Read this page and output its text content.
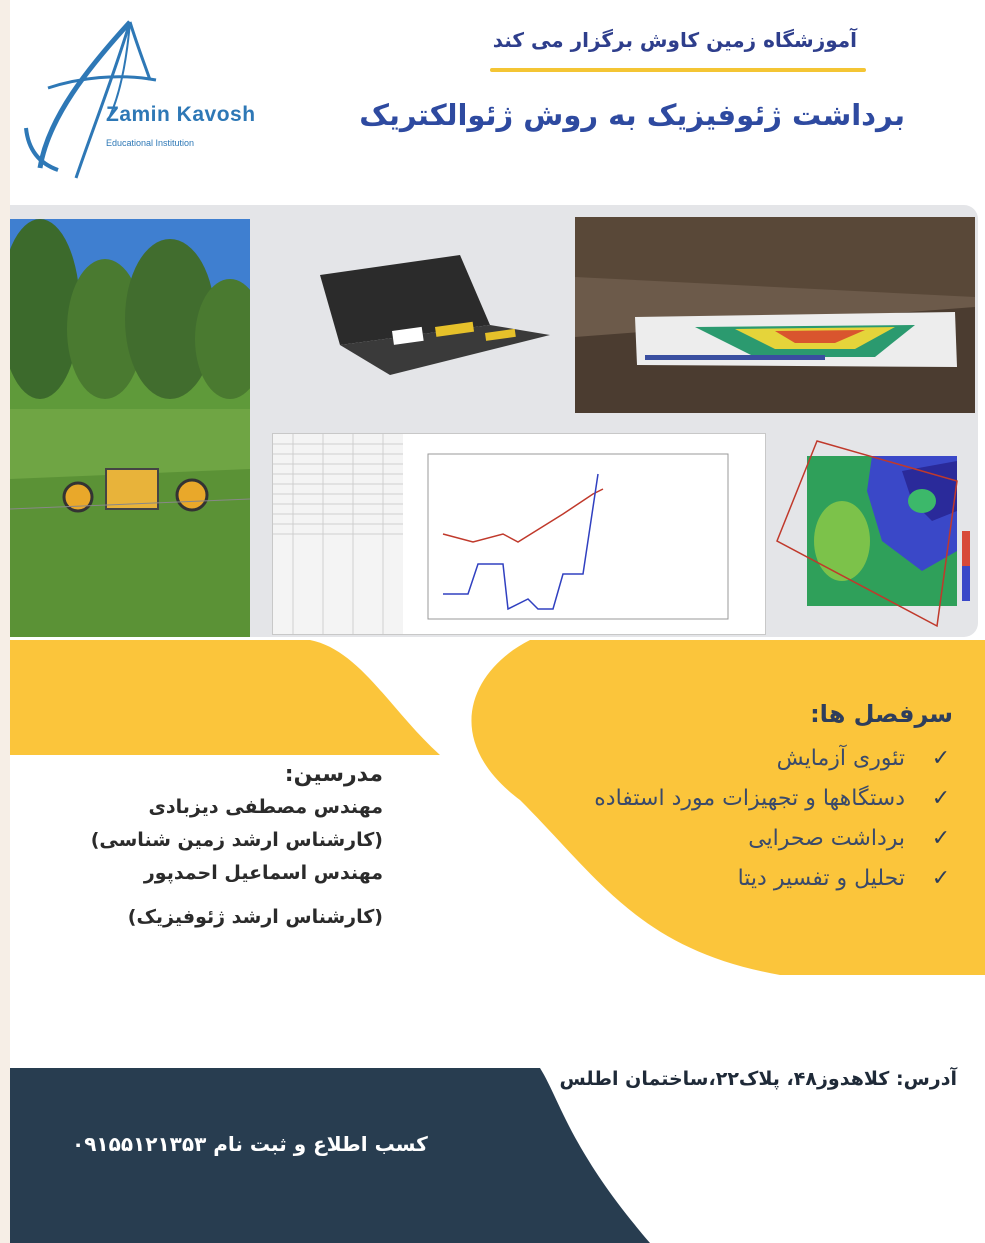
Zamin Kavosh
Educational Institution
آموزشگاه زمین کاوش برگزار می کند
برداشت ژئوفیزیک به روش ژئوالکتریک
سرفصل ها:
✓
تئوری آزمایش
✓
دستگاهها و تجهیزات مورد استفاده
✓
برداشت صحرایی
✓
تحلیل و تفسیر دیتا
مدرسین:
مهندس مصطفی دیزبادی
(کارشناس ارشد زمین شناسی)
مهندس اسماعیل احمدپور
(کارشناس ارشد ژئوفیزیک)
آدرس: کلاهدوز۴۸، پلاک۲۲،ساختمان اطلس
کسب اطلاع و ثبت نام ۰۹۱۵۵۱۲۱۳۵۳
